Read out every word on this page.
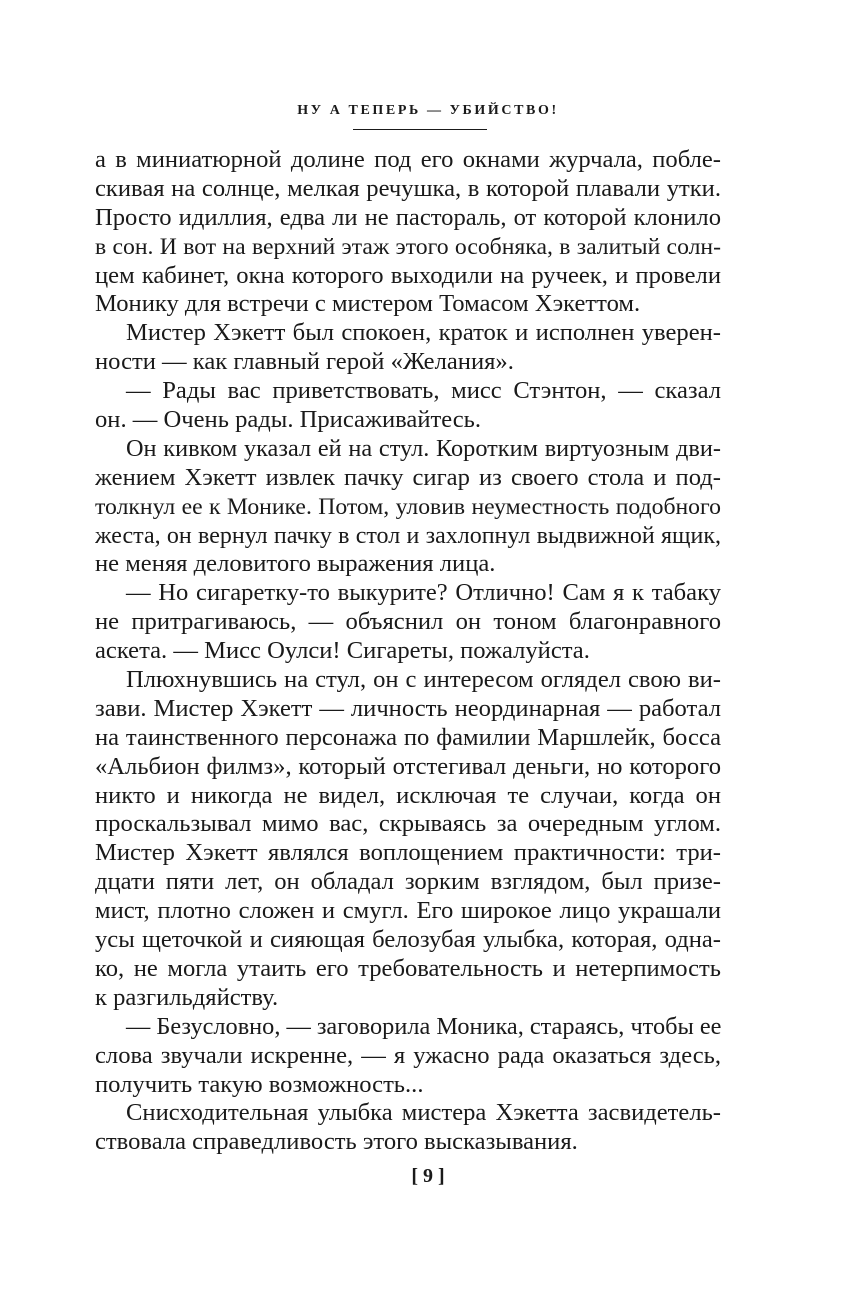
НУ А ТЕПЕРЬ — УБИЙСТВО!
а в миниатюрной долине под его окнами журчала, побле-
скивая на солнце, мелкая речушка, в которой плавали утки.
Просто идиллия, едва ли не пастораль, от которой клонило
в сон. И вот на верхний этаж этого особняка, в залитый солн-
цем кабинет, окна которого выходили на ручеек, и провели
Монику для встречи с мистером Томасом Хэкеттом.
Мистер Хэкетт был спокоен, краток и исполнен уверен-
ности — как главный герой «Желания».
— Рады вас приветствовать, мисс Стэнтон, — сказал
он. — Очень рады. Присаживайтесь.
Он кивком указал ей на стул. Коротким виртуозным дви-
жением Хэкетт извлек пачку сигар из своего стола и под-
толкнул ее к Монике. Потом, уловив неуместность подобного
жеста, он вернул пачку в стол и захлопнул выдвижной ящик,
не меняя деловитого выражения лица.
— Но сигаретку-то выкурите? Отлично! Сам я к табаку
не притрагиваюсь, — объяснил он тоном благонравного
аскета. — Мисс Оулси! Сигареты, пожалуйста.
Плюхнувшись на стул, он с интересом оглядел свою ви-
зави. Мистер Хэкетт — личность неординарная — работал
на таинственного персонажа по фамилии Маршлейк, босса
«Альбион филмз», который отстегивал деньги, но которого
никто и никогда не видел, исключая те случаи, когда он
проскальзывал мимо вас, скрываясь за очередным углом.
Мистер Хэкетт являлся воплощением практичности: три-
дцати пяти лет, он обладал зорким взглядом, был призе-
мист, плотно сложен и смугл. Его широкое лицо украшали
усы щеточкой и сияющая белозубая улыбка, которая, одна-
ко, не могла утаить его требовательность и нетерпимость
к разгильдяйству.
— Безусловно, — заговорила Моника, стараясь, чтобы ее
слова звучали искренне, — я ужасно рада оказаться здесь,
получить такую возможность...
Снисходительная улыбка мистера Хэкетта засвидетель-
ствовала справедливость этого высказывания.
[ 9 ]
